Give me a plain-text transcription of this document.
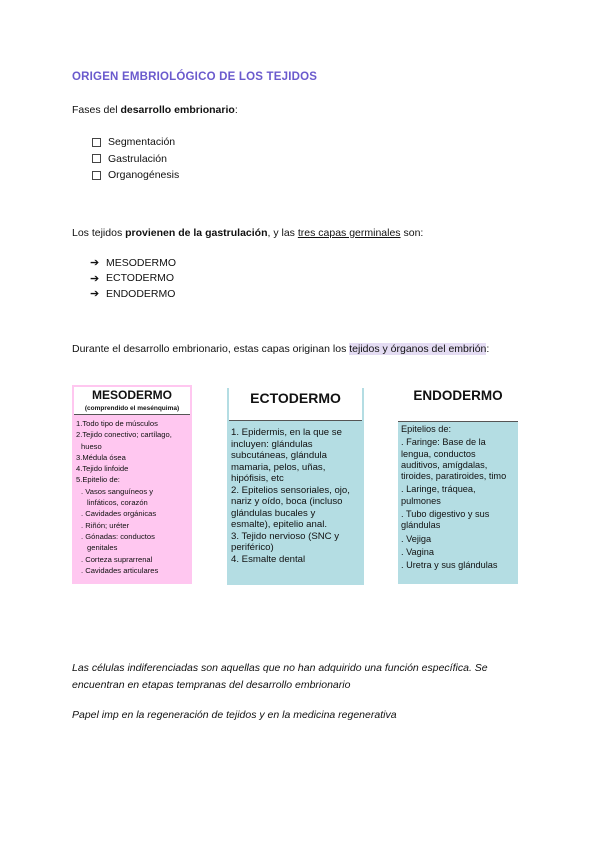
ORIGEN EMBRIOLÓGICO DE LOS TEJIDOS
Fases del desarrollo embrionario:
Segmentación
Gastrulación
Organogénesis
Los tejidos provienen de la gastrulación, y las tres capas germinales son:
➔ MESODERMO
➔ ECTODERMO
➔ ENDODERMO
Durante el desarrollo embrionario, estas capas originan los tejidos y órganos del embrión:
MESODERMO
(comprendido el mesénquima)
1.Todo tipo de músculos
2.Tejido conectivo; cartílago,
hueso
3.Médula ósea
4.Tejido linfoide
5.Epitelio de:
. Vasos sanguíneos y
linfáticos, corazón
. Cavidades orgánicas
. Riñón; uréter
. Gónadas: conductos
genitales
. Corteza suprarrenal
. Cavidades articulares
ECTODERMO
1. Epidermis, en la que se
incluyen: glándulas
subcutáneas, glándula
mamaria, pelos, uñas,
hipófisis, etc
2. Epitelios sensoriales, ojo,
nariz y oído, boca (incluso
glándulas bucales y
esmalte), epitelio anal.
3. Tejido nervioso (SNC y
periférico)
4. Esmalte dental
ENDODERMO
Epitelios de:
. Faringe: Base de la
lengua, conductos
auditivos, amígdalas,
tiroides, paratiroides, timo
. Laringe, tráquea,
pulmones
. Tubo digestivo y sus
glándulas
. Vejiga
. Vagina
. Uretra y sus glándulas
Las células indiferenciadas son aquellas que no han adquirido una función específica. Se
encuentran en etapas tempranas del desarrollo embrionario
Papel imp en la regeneración de tejidos y en la medicina regenerativa
